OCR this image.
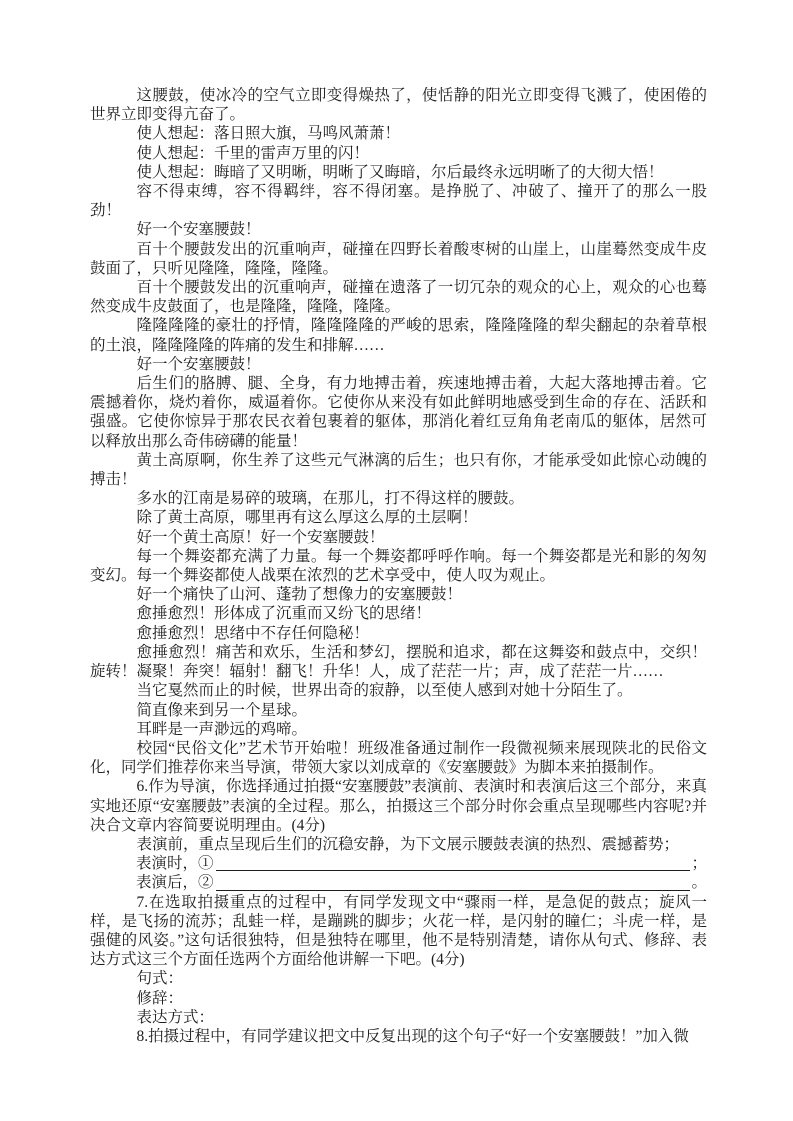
这腰鼓，使冰冷的空气立即变得燥热了，使恬静的阳光立即变得飞溅了，使困倦的世界立即变得亢奋了。

使人想起：落日照大旗，马鸣风萧萧！

使人想起：千里的雷声万里的闪！

使人想起：晦暗了又明晰，明晰了又晦暗，尔后最终永远明晰了的大彻大悟！

容不得束缚，容不得羁绊，容不得闭塞。是挣脱了、冲破了、撞开了的那么一股劲！

好一个安塞腰鼓！

百十个腰鼓发出的沉重响声，碰撞在四野长着酸枣树的山崖上，山崖蓦然变成牛皮鼓面了，只听见隆隆，隆隆，隆隆。

百十个腰鼓发出的沉重响声，碰撞在遗落了一切冗杂的观众的心上，观众的心也蓦然变成牛皮鼓面了，也是隆隆，隆隆，隆隆。

隆隆隆隆的豪壮的抒情，隆隆隆隆的严峻的思索，隆隆隆隆的犁尖翻起的杂着草根的土浪，隆隆隆隆的阵痛的发生和排解……

好一个安塞腰鼓！

后生们的胳膊、腿、全身，有力地搏击着，疾速地搏击着，大起大落地搏击着。它震撼着你，烧灼着你，威逼着你。它使你从来没有如此鲜明地感受到生命的存在、活跃和强盛。它使你惊异于那农民衣着包裹着的躯体，那消化着红豆角角老南瓜的躯体，居然可以释放出那么奇伟磅礴的能量！

黄土高原啊，你生养了这些元气淋漓的后生；也只有你，才能承受如此惊心动魄的搏击！

多水的江南是易碎的玻璃，在那儿，打不得这样的腰鼓。

除了黄土高原，哪里再有这么厚这么厚的土层啊！

好一个黄土高原！好一个安塞腰鼓！

每一个舞姿都充满了力量。每一个舞姿都呼呼作响。每一个舞姿都是光和影的匆匆变幻。每一个舞姿都使人战栗在浓烈的艺术享受中，使人叹为观止。

好一个痛快了山河、蓬勃了想像力的安塞腰鼓！

愈捶愈烈！形体成了沉重而又纷飞的思绪！

愈捶愈烈！思绪中不存任何隐秘！

愈捶愈烈！痛苦和欢乐，生活和梦幻，摆脱和追求，都在这舞姿和鼓点中，交织！旋转！凝聚！奔突！辐射！翻飞！升华！人，成了茫茫一片；声，成了茫茫一片……

当它戛然而止的时候，世界出奇的寂静，以至使人感到对她十分陌生了。

简直像来到另一个星球。

耳畔是一声渺远的鸡啼。

校园“民俗文化”艺术节开始啦！班级准备通过制作一段微视频来展现陕北的民俗文化，同学们推荐你来当导演，带领大家以刘成章的《安塞腰鼓》为脚本来拍摄制作。

6.作为导演，你选择通过拍摄“安塞腰鼓”表演前、表演时和表演后这三个部分，来真实地还原“安塞腰鼓”表演的全过程。那么，拍摄这三个部分时你会重点呈现哪些内容呢?并决合文章内容简要说明理由。(4分)

表演前，重点呈现后生们的沉稳安静，为下文展示腰鼓表演的热烈、震撼蓄势；

表演时，①	；
表演后，②	。

7.在选取拍摄重点的过程中，有同学发现文中“骤雨一样，是急促的鼓点；旋风一样，是飞扬的流苏；乱蛙一样，是蹦跳的脚步；火花一样，是闪射的瞳仁；斗虎一样，是强健的风姿。”这句话很独特，但是独特在哪里，他不是特别清楚，请你从句式、修辞、表达方式这三个方面任选两个方面给他讲解一下吧。(4分)

句式：

修辞：

表达方式：

8.拍摄过程中，有同学建议把文中反复出现的这个句子“好一个安塞腰鼓！”加入微
